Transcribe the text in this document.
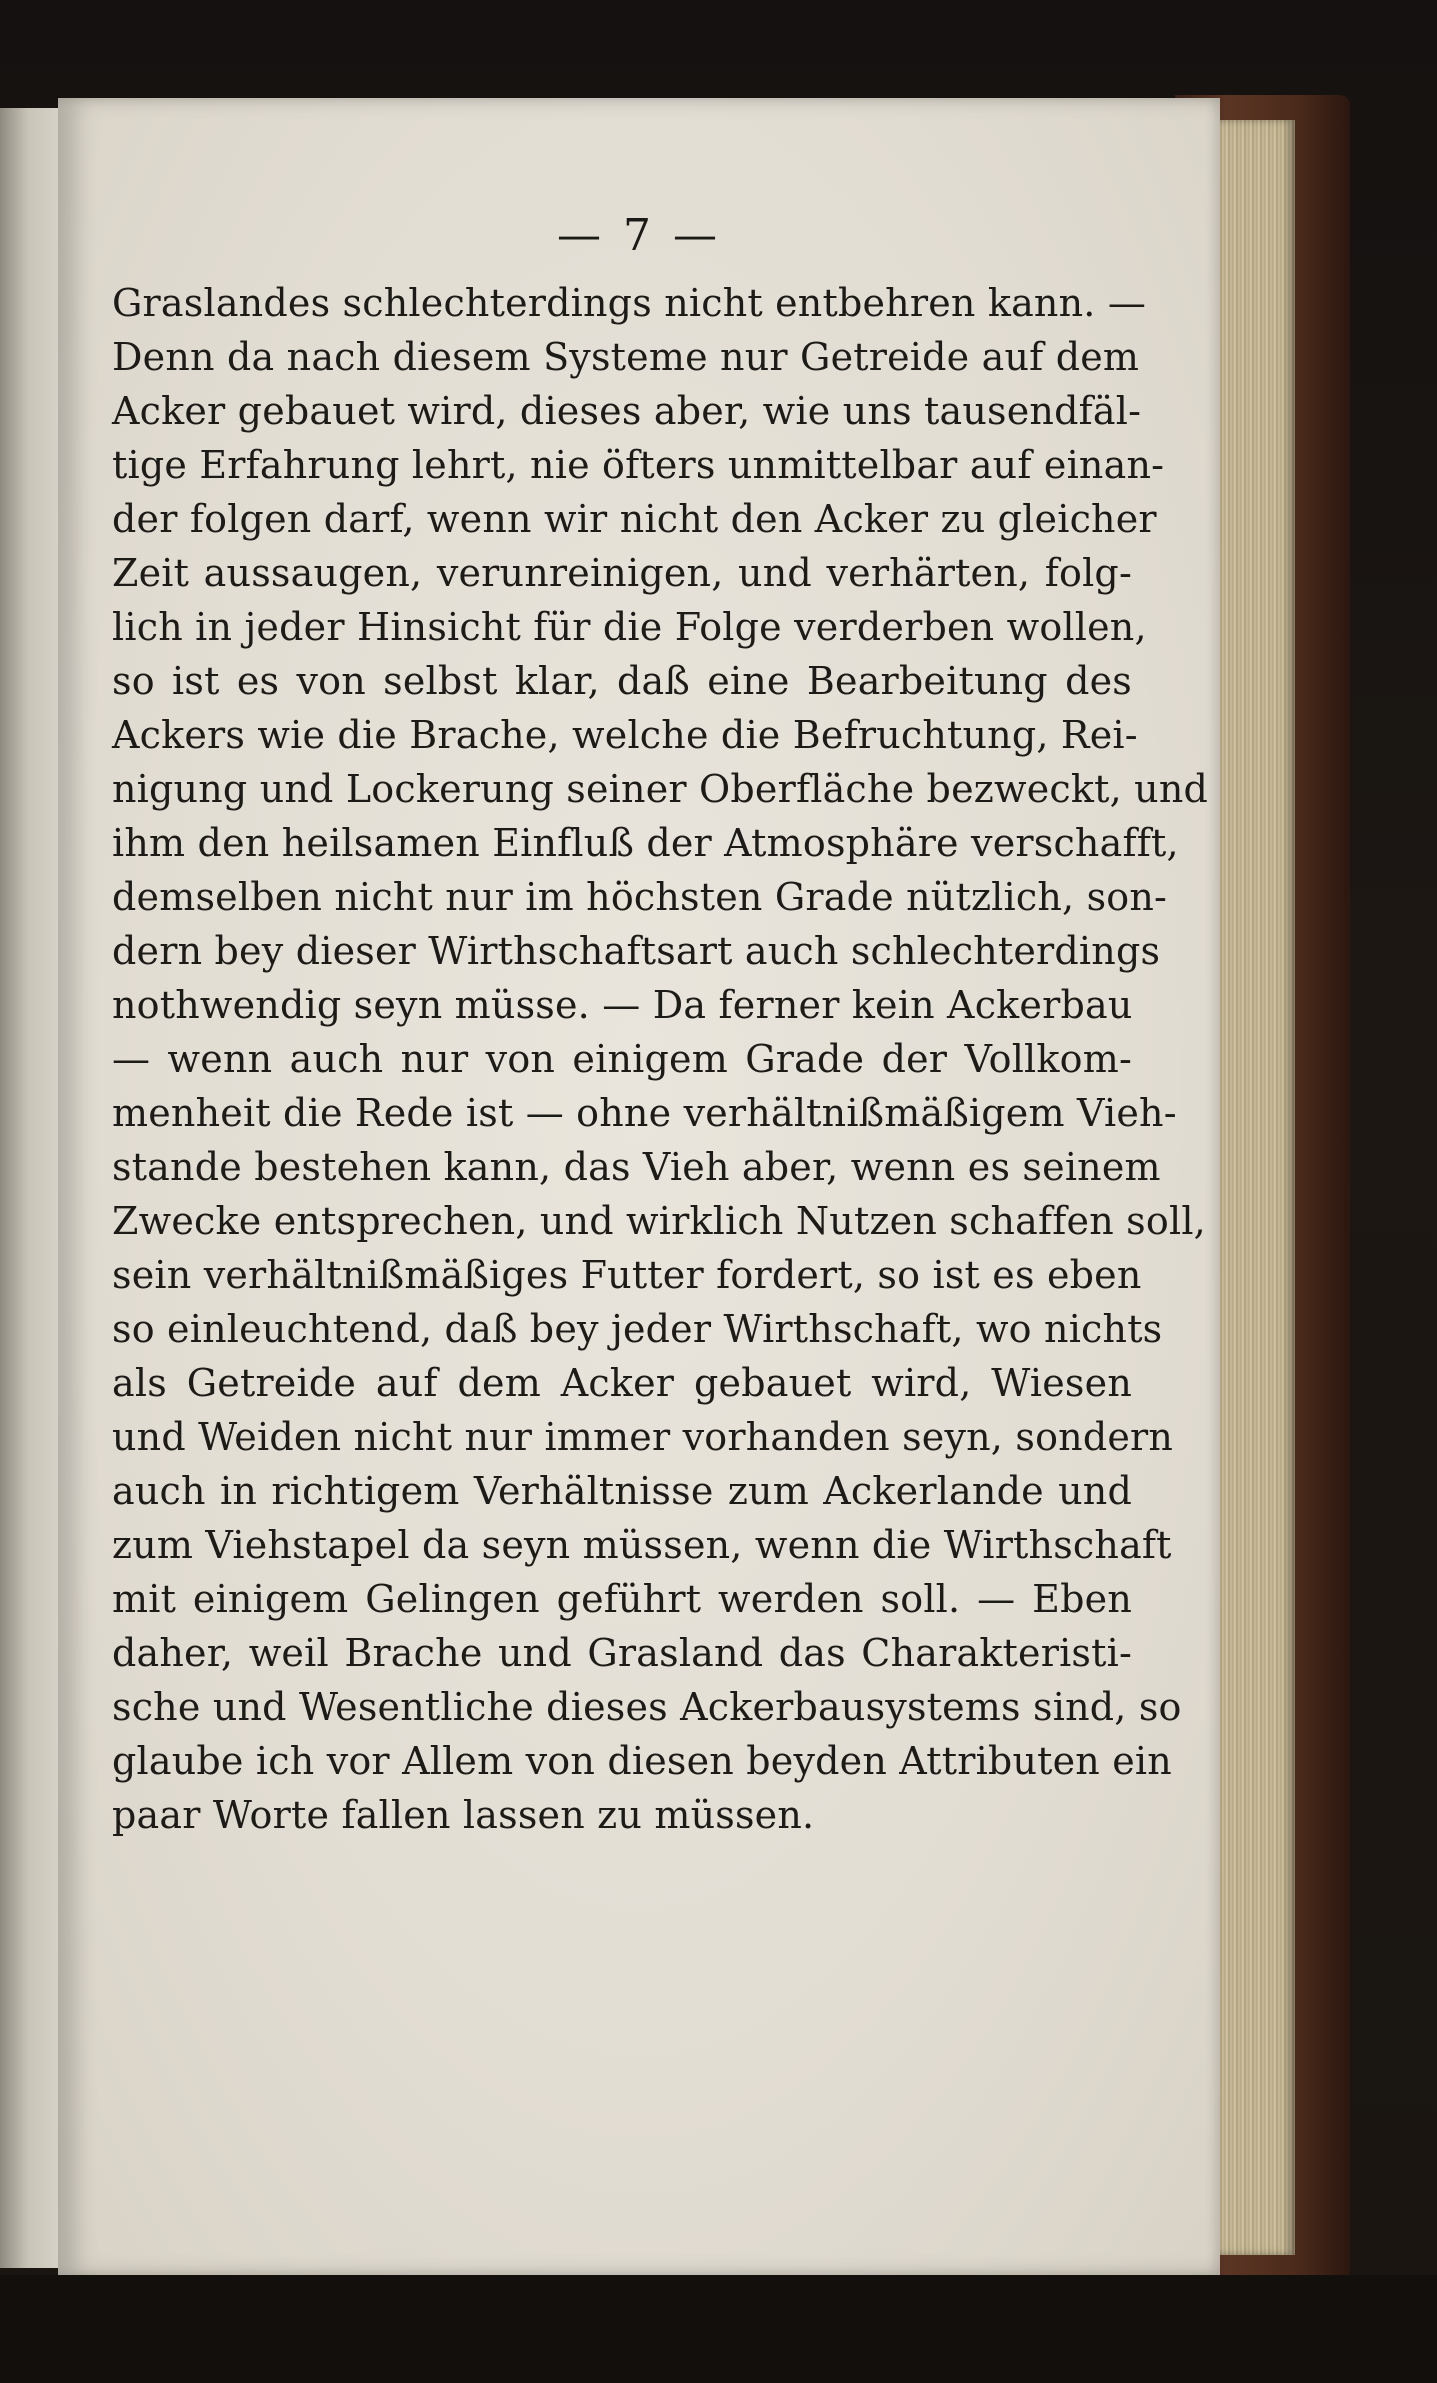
— 7 —

Graslandes schlechterdings nicht entbehren kann. —
Denn da nach diesem Systeme nur Getreide auf dem
Acker gebauet wird, dieses aber, wie uns tausendfäl-
tige Erfahrung lehrt, nie öfters unmittelbar auf einan-
der folgen darf, wenn wir nicht den Acker zu gleicher
Zeit aussaugen, verunreinigen, und verhärten, folg-
lich in jeder Hinsicht für die Folge verderben wollen,
so ist es von selbst klar, daß eine Bearbeitung des
Ackers wie die Brache, welche die Befruchtung, Rei-
nigung und Lockerung seiner Oberfläche bezweckt, und
ihm den heilsamen Einfluß der Atmosphäre verschafft,
demselben nicht nur im höchsten Grade nützlich, son-
dern bey dieser Wirthschaftsart auch schlechterdings
nothwendig seyn müsse. — Da ferner kein Ackerbau
— wenn auch nur von einigem Grade der Vollkom-
menheit die Rede ist — ohne verhältnißmäßigem Vieh-
stande bestehen kann, das Vieh aber, wenn es seinem
Zwecke entsprechen, und wirklich Nutzen schaffen soll,
sein verhältnißmäßiges Futter fordert, so ist es eben
so einleuchtend, daß bey jeder Wirthschaft, wo nichts
als Getreide auf dem Acker gebauet wird, Wiesen
und Weiden nicht nur immer vorhanden seyn, sondern
auch in richtigem Verhältnisse zum Ackerlande und
zum Viehstapel da seyn müssen, wenn die Wirthschaft
mit einigem Gelingen geführt werden soll. — Eben
daher, weil Brache und Grasland das Charakteristi-
sche und Wesentliche dieses Ackerbausystems sind, so
glaube ich vor Allem von diesen beyden Attributen ein
paar Worte fallen lassen zu müssen.
